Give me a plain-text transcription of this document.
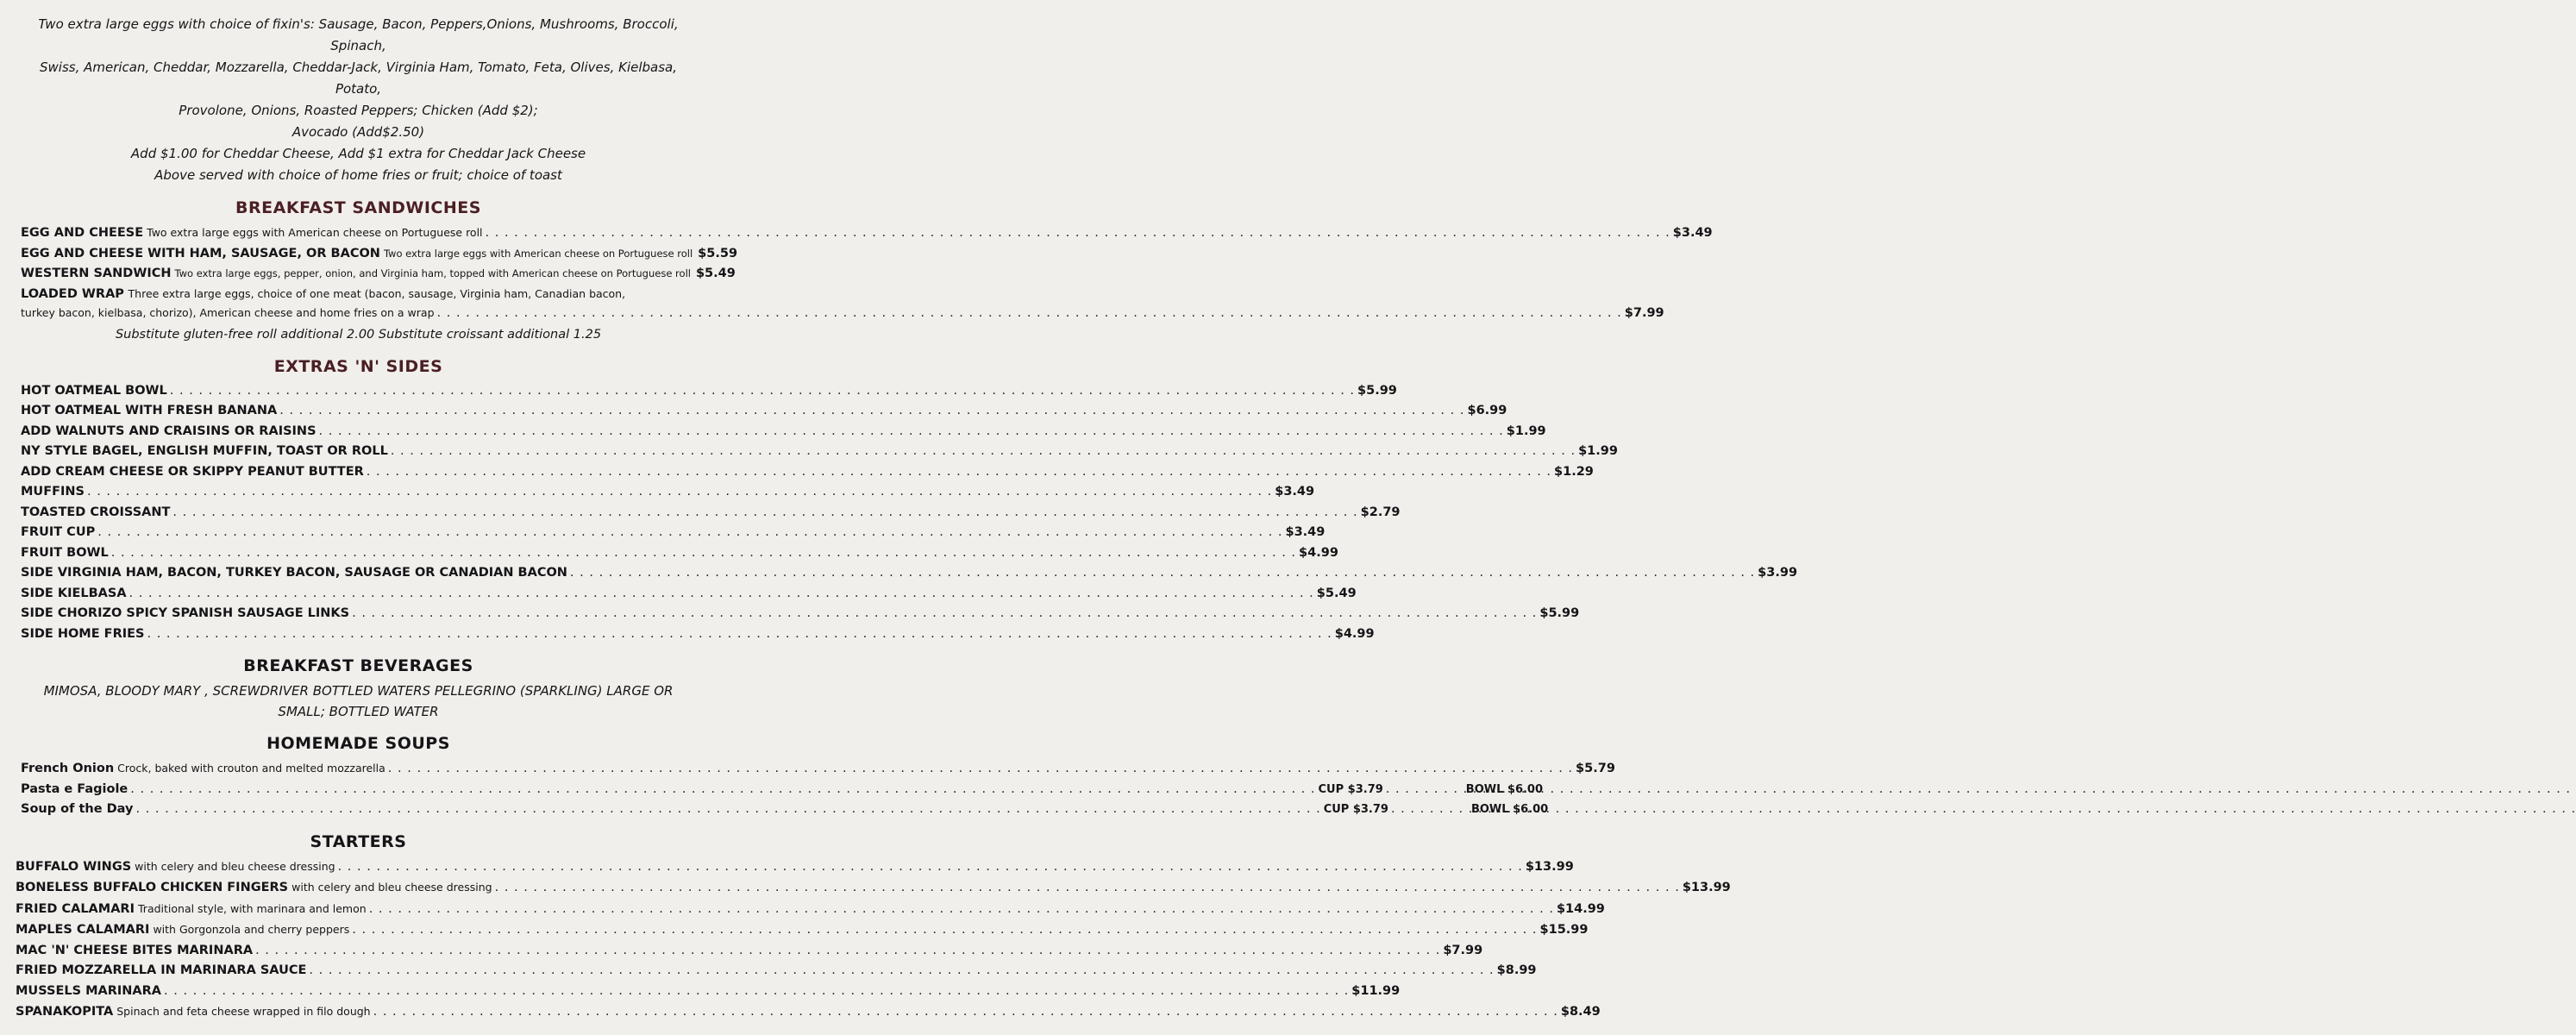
Two extra large eggs with choice of fixin's: Sausage, Bacon, Peppers,Onions, Mushrooms, Broccoli, Spinach,
Swiss, American, Cheddar, Mozzarella, Cheddar-Jack, Virginia Ham, Tomato, Feta, Olives, Kielbasa, Potato,
Provolone, Onions, Roasted Peppers; Chicken (Add $2);
Avocado (Add$2.50)
Add $1.00 for Cheddar Cheese, Add $1 extra for Cheddar Jack Cheese
Above served with choice of home fries or fruit; choice of toast
BREAKFAST SANDWICHES
EGG AND CHEESE Two extra large eggs with American cheese on Portuguese roll . . .	$3.49
EGG AND CHEESE WITH HAM, SAUSAGE, OR BACON Two extra large eggs with American cheese on Portuguese roll $5.59
WESTERN SANDWICH Two extra large eggs, pepper, onion, and Virginia ham, topped with American cheese on Portuguese roll $5.49
LOADED WRAP Three extra large eggs, choice of one meat (bacon, sausage, Virginia ham, Canadian bacon,
turkey bacon, kielbasa, chorizo), American cheese and home fries on a wrap . . .	$7.99
Substitute gluten-free roll additional 2.00 Substitute croissant additional 1.25
EXTRAS 'N' SIDES
HOT OATMEAL BOWL . . .	$5.99
HOT OATMEAL WITH FRESH BANANA . . .	$6.99
ADD WALNUTS AND CRAISINS OR RAISINS . . .	$1.99
NY STYLE BAGEL, ENGLISH MUFFIN, TOAST OR ROLL . . .	$1.99
ADD CREAM CHEESE OR SKIPPY PEANUT BUTTER . . .	$1.29
MUFFINS . . .	$3.49
TOASTED CROISSANT . . .	$2.79
FRUIT CUP . . .	$3.49
FRUIT BOWL . . .	$4.99
SIDE VIRGINIA HAM, BACON, TURKEY BACON, SAUSAGE OR CANADIAN BACON . . .	$3.99
SIDE KIELBASA . . .	$5.49
SIDE CHORIZO SPICY SPANISH SAUSAGE LINKS . . .	$5.99
SIDE HOME FRIES . . .	$4.99
BREAKFAST BEVERAGES
MIMOSA, BLOODY MARY , SCREWDRIVER BOTTLED WATERS PELLEGRINO (SPARKLING) LARGE OR SMALL; BOTTLED WATER
HOMEMADE SOUPS
French Onion Crock, baked with crouton and melted mozzarella . . .	$5.79
Pasta e Fagiole . . .	CUP $3.79 . . .	BOWL $6.00
Soup of the Day . . .	CUP $3.79 . . .	BOWL $6.00
STARTERS
BUFFALO WINGS with celery and bleu cheese dressing . . .	$13.99
BONELESS BUFFALO CHICKEN FINGERS with celery and bleu cheese dressing . . .	$13.99
FRIED CALAMARI Traditional style, with marinara and lemon . . .	$14.99
MAPLES CALAMARI with Gorgonzola and cherry peppers . . .	$15.99
MAC 'N' CHEESE BITES MARINARA . . .	$7.99
FRIED MOZZARELLA IN MARINARA SAUCE . . .	$8.99
MUSSELS MARINARA . . .	$11.99
SPANAKOPITA Spinach and feta cheese wrapped in filo dough . . .	$8.49
